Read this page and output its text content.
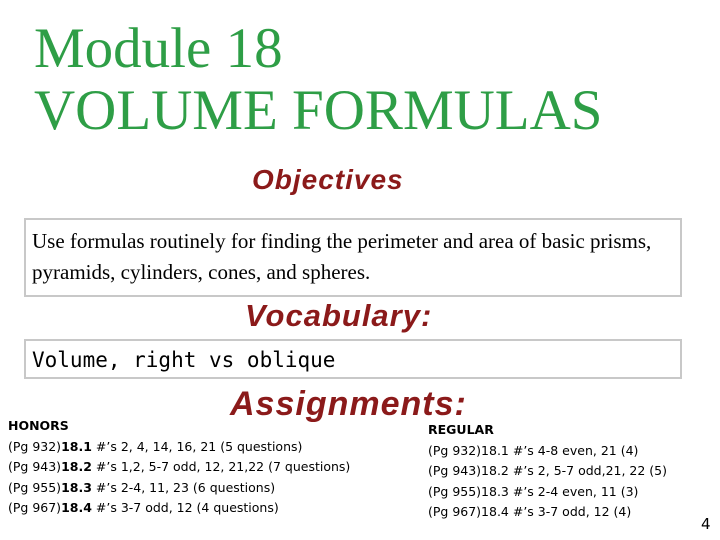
Module 18
VOLUME FORMULAS
Objectives
Use formulas routinely for finding the perimeter and area of basic prisms, pyramids, cylinders, cones, and spheres.
Vocabulary:
Volume, right vs oblique
Assignments:
HONORS
(Pg 932)18.1 #’s 2, 4, 14, 16, 21 (5 questions)
(Pg 943)18.2 #’s 1,2, 5-7 odd, 12, 21,22 (7 questions)
(Pg 955)18.3 #’s 2-4, 11, 23 (6 questions)
(Pg 967)18.4 #’s 3-7 odd, 12 (4 questions)
REGULAR
(Pg 932)18.1 #’s 4-8 even, 21 (4)
(Pg 943)18.2 #’s 2, 5-7 odd,21, 22 (5)
(Pg 955)18.3 #’s 2-4 even, 11 (3)
(Pg 967)18.4 #’s 3-7 odd, 12 (4)
4
